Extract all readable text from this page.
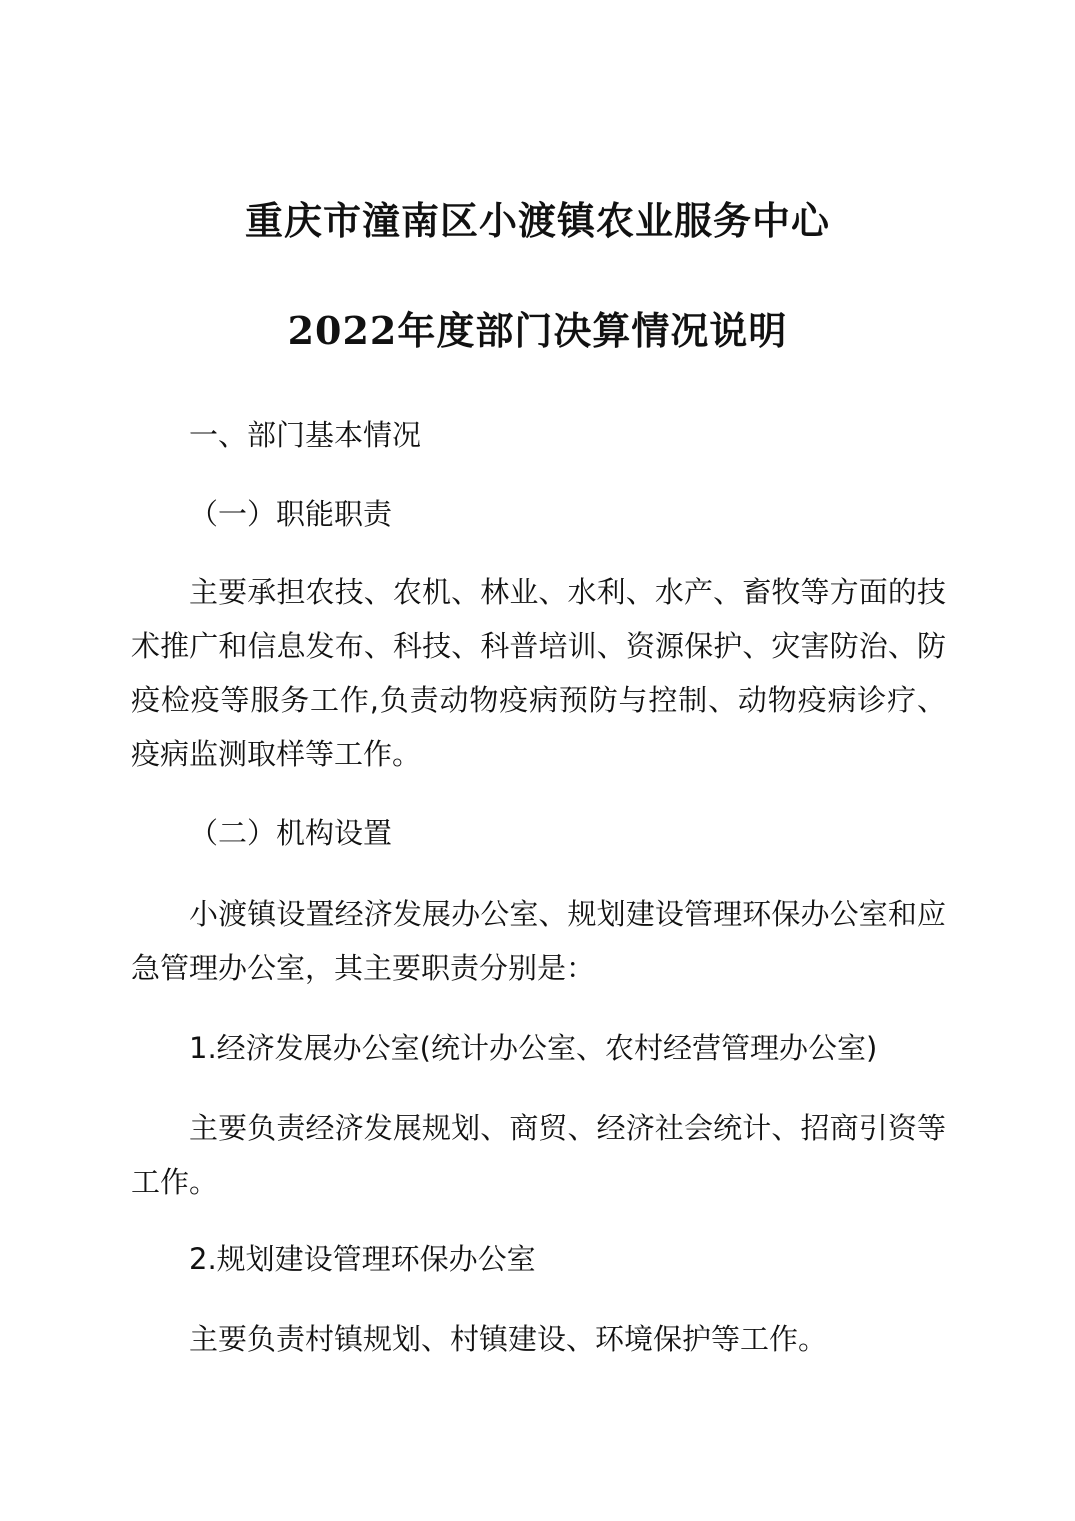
重庆市潼南区小渡镇农业服务中心
2022年度部门决算情况说明

一、部门基本情况

（一）职能职责

主要承担农技、农机、林业、水利、水产、畜牧等方面的技术推广和信息发布、科技、科普培训、资源保护、灾害防治、防疫检疫等服务工作,负责动物疫病预防与控制、动物疫病诊疗、疫病监测取样等工作。

（二）机构设置

小渡镇设置经济发展办公室、规划建设管理环保办公室和应急管理办公室，其主要职责分别是：

1.经济发展办公室(统计办公室、农村经营管理办公室)

主要负责经济发展规划、商贸、经济社会统计、招商引资等工作。

2.规划建设管理环保办公室

主要负责村镇规划、村镇建设、环境保护等工作。
